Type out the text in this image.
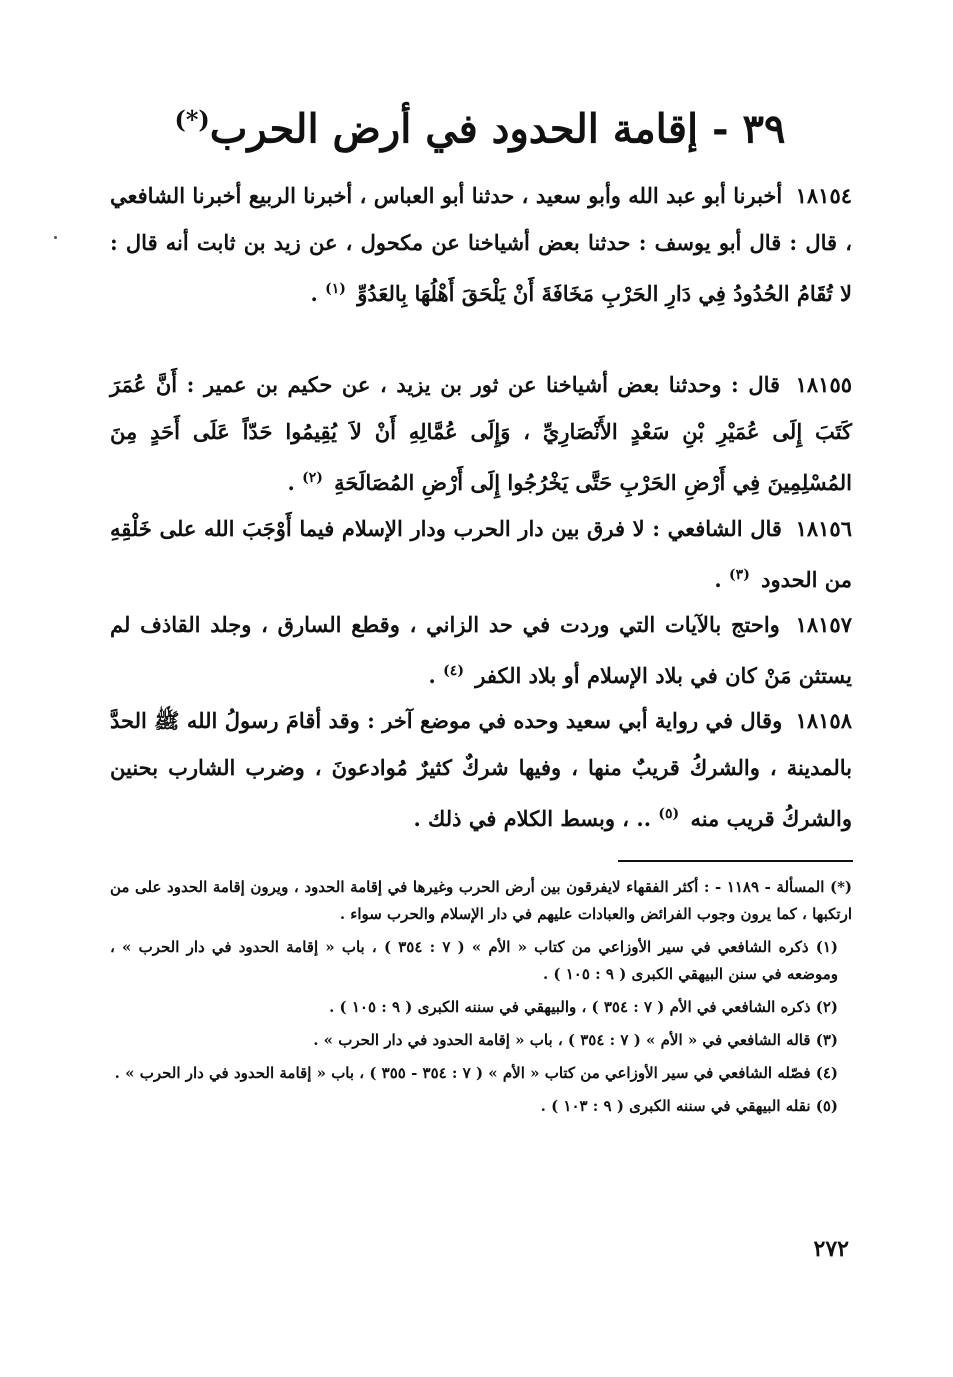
٣٩ - إقامة الحدود في أرض الحرب(*)

١٨١٥٤ أخبرنا أبو عبد الله وأبو سعيد ، حدثنا أبو العباس ، أخبرنا الربيع أخبرنا الشافعي ، قال : قال أبو يوسف : حدثنا بعض أشياخنا عن مكحول ، عن زيد بن ثابت أنه قال : لا تُقَامُ الحُدُودُ فِي دَارِ الحَرْبِ مَخَافَةَ أَنْ يَلْحَقَ أَهْلُهَا بِالعَدُوِّ $^{(١)}$ .

١٨١٥٥ قال : وحدثنا بعض أشياخنا عن ثور بن يزيد ، عن حكيم بن عمير : أَنَّ عُمَرَ كَتَبَ إِلَى عُمَيْرِ بْنِ سَعْدٍ الأَنْصَارِيِّ ، وَإِلَى عُمَّالِهِ أَنْ لاَ يُقِيمُوا حَدّاً عَلَى أَحَدٍ مِنَ المُسْلِمِينَ فِي أَرْضِ الحَرْبِ حَتَّى يَخْرُجُوا إِلَى أَرْضِ المُصَالَحَةِ $^{(٢)}$ .

١٨١٥٦ قال الشافعي : لا فرق بين دار الحرب ودار الإسلام فيما أَوْجَبَ الله على خَلْقِهِ من الحدود $^{(٣)}$ .

١٨١٥٧ واحتج بالآيات التي وردت في حد الزاني ، وقطع السارق ، وجلد القاذف لم يستثن مَنْ كان في بلاد الإسلام أو بلاد الكفر $^{(٤)}$ .

١٨١٥٨ وقال في رواية أبي سعيد وحده في موضع آخر : وقد أقامَ رسولُ الله ﷺ الحدَّ بالمدينة ، والشركُ قريبٌ منها ، وفيها شركٌ كثيرٌ مُوادعونَ ، وضرب الشارب بحنين والشركُ قريب منه $^{(٥)}$ .. ، وبسط الكلام في ذلك .

(*) المسألة - ١١٨٩ - : أكثر الفقهاء لايفرقون بين أرض الحرب وغيرها في إقامة الحدود ، ويرون إقامة الحدود على من ارتكبها ، كما يرون وجوب الفرائض والعبادات عليهم في دار الإسلام والحرب سواء .

(١) ذكره الشافعي في سير الأوزاعي من كتاب « الأم » ( ٧ : ٣٥٤ ) ، باب « إقامة الحدود في دار الحرب » ، وموضعه في سنن البيهقي الكبرى ( ٩ : ١٠٥ ) .

(٢) ذكره الشافعي في الأم ( ٧ : ٣٥٤ ) ، والبيهقي في سننه الكبرى ( ٩ : ١٠٥ ) .

(٣) قاله الشافعي في « الأم » ( ٧ : ٣٥٤ ) ، باب « إقامة الحدود في دار الحرب » .

(٤) فصّله الشافعي في سير الأوزاعي من كتاب « الأم » ( ٧ : ٣٥٤ - ٣٥٥ ) ، باب « إقامة الحدود في دار الحرب » .

(٥) نقله البيهقي في سننه الكبرى ( ٩ : ١٠٣ ) .

٢٧٢
